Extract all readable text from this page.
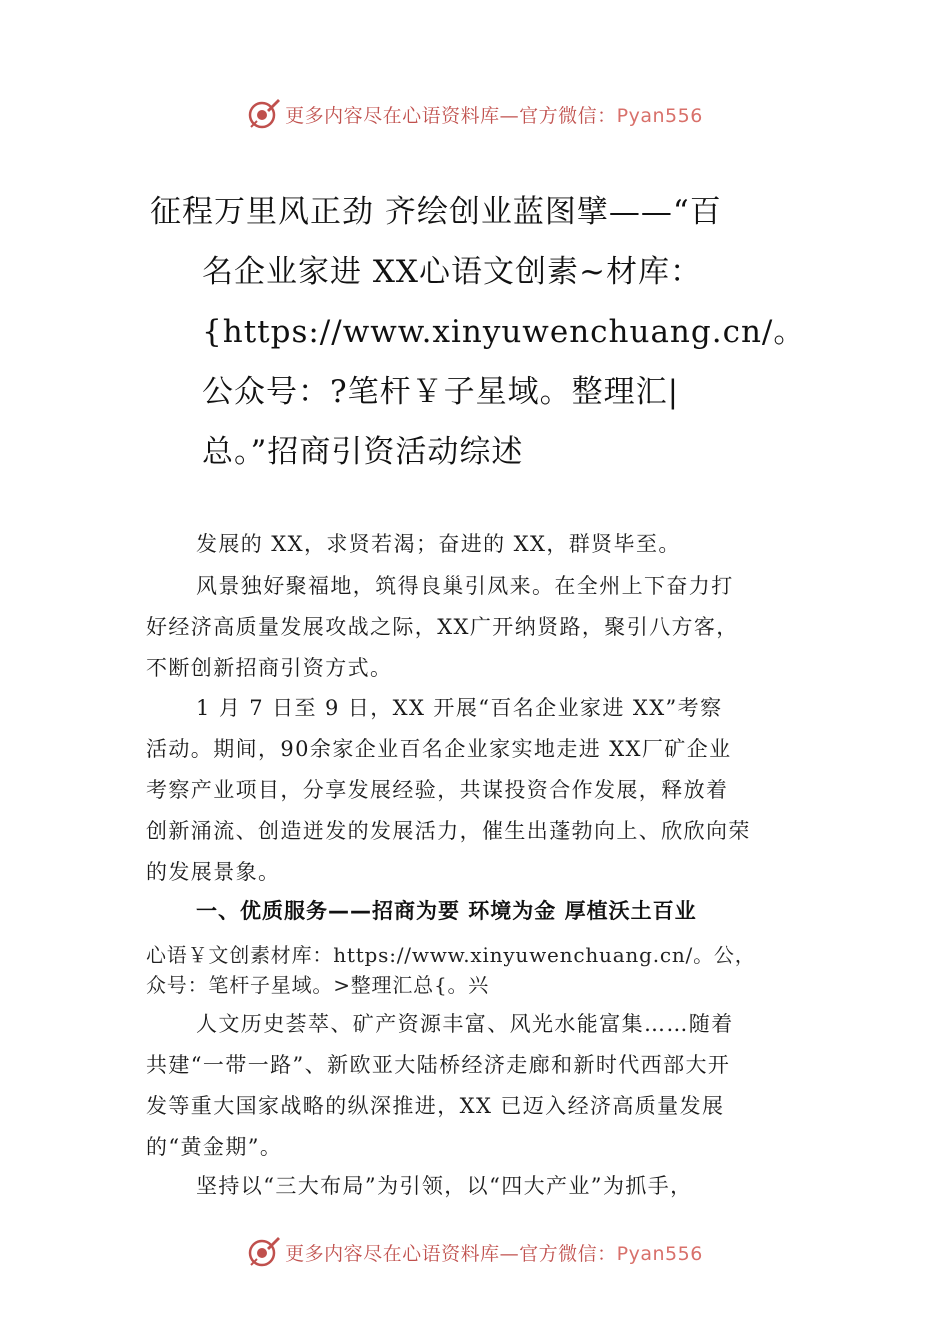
更多内容尽在心语资料库—官方微信：Pyan556
征程万里风正劲 齐绘创业蓝图擘——“百
名企业家进 XX心语文创素~材库：
{https://www.xinyuwenchuang.cn/。
公众号：?笔杆￥子星域。整理汇|
总。”招商引资活动综述
发展的 XX，求贤若渴；奋进的 XX，群贤毕至。
风景独好聚福地，筑得良巢引凤来。在全州上下奋力打
好经济高质量发展攻战之际，XX广开纳贤路，聚引八方客，
不断创新招商引资方式。
1 月 7 日至 9 日，XX 开展“百名企业家进 XX”考察
活动。期间，90余家企业百名企业家实地走进 XX厂矿企业
考察产业项目，分享发展经验，共谋投资合作发展，释放着
创新涌流、创造迸发的发展活力，催生出蓬勃向上、欣欣向荣
的发展景象。
一、优质服务——招商为要 环境为金 厚植沃土百业
心语￥文创素材库：https://www.xinyuwenchuang.cn/。公，
众号：笔杆子星域。>整理汇总{。兴
人文历史荟萃、矿产资源丰富、风光水能富集……随着
共建“一带一路”、新欧亚大陆桥经济走廊和新时代西部大开
发等重大国家战略的纵深推进，XX 已迈入经济高质量发展
的“黄金期”。
坚持以“三大布局”为引领，以“四大产业”为抓手，
更多内容尽在心语资料库—官方微信：Pyan556
